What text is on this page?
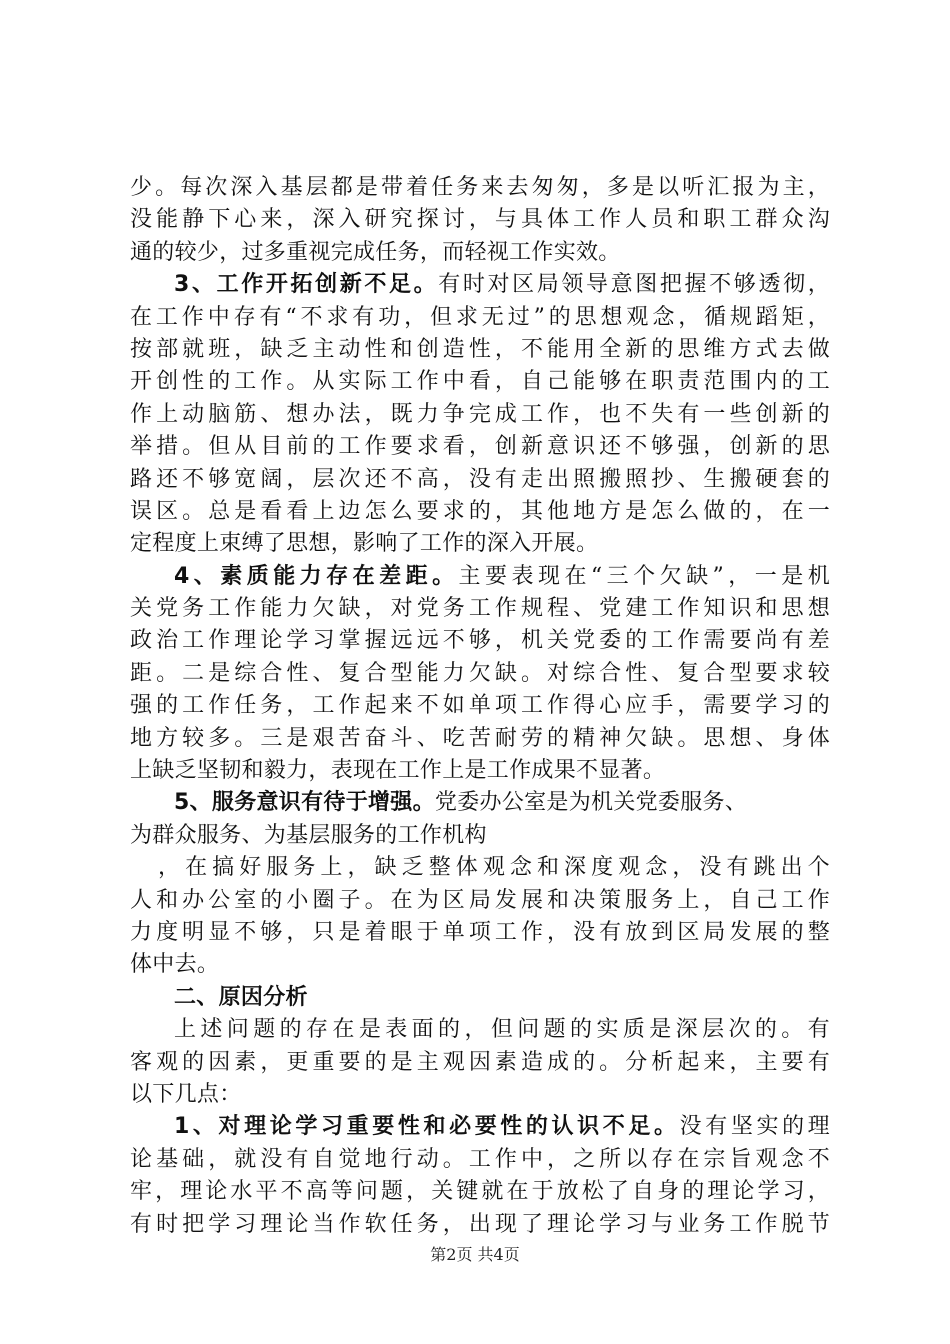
少。每次深入基层都是带着任务来去匆匆，多是以听汇报为主，
没能静下心来，深入研究探讨，与具体工作人员和职工群众沟
通的较少，过多重视完成任务，而轻视工作实效。
3、工作开拓创新不足。有时对区局领导意图把握不够透彻，
在工作中存有“不求有功，但求无过”的思想观念，循规蹈矩，
按部就班，缺乏主动性和创造性，不能用全新的思维方式去做
开创性的工作。从实际工作中看，自己能够在职责范围内的工
作上动脑筋、想办法，既力争完成工作，也不失有一些创新的
举措。但从目前的工作要求看，创新意识还不够强，创新的思
路还不够宽阔，层次还不高，没有走出照搬照抄、生搬硬套的
误区。总是看看上边怎么要求的，其他地方是怎么做的，在一
定程度上束缚了思想，影响了工作的深入开展。
4、素质能力存在差距。主要表现在“三个欠缺”，一是机
关党务工作能力欠缺，对党务工作规程、党建工作知识和思想
政治工作理论学习掌握远远不够，机关党委的工作需要尚有差
距。二是综合性、复合型能力欠缺。对综合性、复合型要求较
强的工作任务，工作起来不如单项工作得心应手，需要学习的
地方较多。三是艰苦奋斗、吃苦耐劳的精神欠缺。思想、身体
上缺乏坚韧和毅力，表现在工作上是工作成果不显著。
5、服务意识有待于增强。党委办公室是为机关党委服务、
为群众服务、为基层服务的工作机构
，在搞好服务上，缺乏整体观念和深度观念，没有跳出个
人和办公室的小圈子。在为区局发展和决策服务上，自己工作
力度明显不够，只是着眼于单项工作，没有放到区局发展的整
体中去。
二、原因分析
上述问题的存在是表面的，但问题的实质是深层次的。有
客观的因素，更重要的是主观因素造成的。分析起来，主要有
以下几点：
1、对理论学习重要性和必要性的认识不足。没有坚实的理
论基础，就没有自觉地行动。工作中，之所以存在宗旨观念不
牢，理论水平不高等问题，关键就在于放松了自身的理论学习，
有时把学习理论当作软任务，出现了理论学习与业务工作脱节
第2页 共4页
